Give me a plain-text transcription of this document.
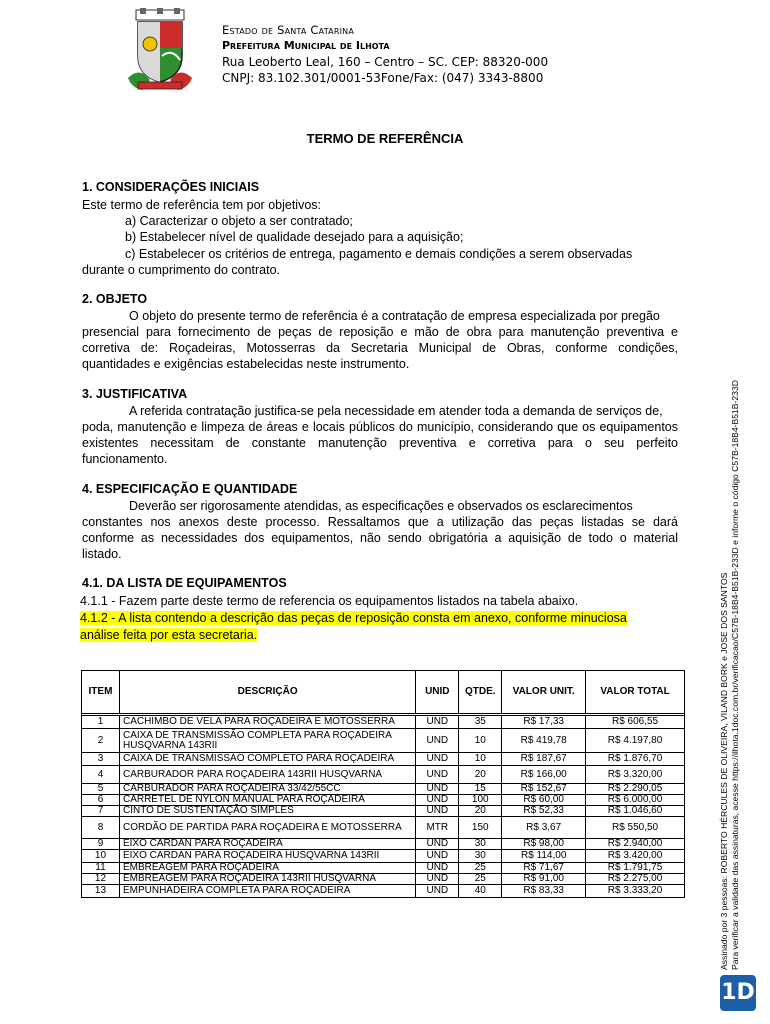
Estado de Santa Catarina
Prefeitura Municipal de Ilhota
Rua Leoberto Leal, 160 – Centro – SC. CEP: 88320-000
CNPJ: 83.102.301/0001-53Fone/Fax: (047) 3343-8800
TERMO DE REFERÊNCIA
1. CONSIDERAÇÕES INICIAIS
Este termo de referência tem por objetivos:
a) Caracterizar o objeto a ser contratado;
b) Estabelecer nível de qualidade desejado para a aquisição;
c) Estabelecer os critérios de entrega, pagamento e demais condições a serem observadas
durante o cumprimento do contrato.
2. OBJETO
O objeto do presente termo de referência é a contratação de empresa especializada por pregão
presencial para fornecimento de peças de reposição e mão de obra para manutenção preventiva e
corretiva de: Roçadeiras, Motosserras da Secretaria Municipal de Obras, conforme condições,
quantidades e exigências estabelecidas neste instrumento.
3. JUSTIFICATIVA
A referida contratação justifica-se pela necessidade em atender toda a demanda de serviços de,
poda, manutenção e limpeza de áreas e locais públicos do município, considerando que os equipamentos
existentes necessitam de constante manutenção preventiva e corretiva para o seu perfeito
funcionamento.
4. ESPECIFICAÇÃO E QUANTIDADE
Deverão ser rigorosamente atendidas, as especificações e observados os esclarecimentos
constantes nos anexos deste processo. Ressaltamos que a utilização das peças listadas se dará
conforme as necessidades dos equipamentos, não sendo obrigatória a aquisição de todo o material
listado.
4.1. DA LISTA DE EQUIPAMENTOS
4.1.1 - Fazem parte deste termo de referencia os equipamentos listados na tabela abaixo.
4.1.2 - A lista contendo a descrição das peças de reposição consta em anexo, conforme minuciosa
análise feita por esta secretaria.
ITEM	DESCRIÇÃO	UNID	QTDE.	VALOR UNIT.	VALOR TOTAL

1	CACHIMBO DE VELA PARA ROÇADEIRA E MOTOSSERRA	UND	35	R$ 17,33	R$ 606,55
2	CAIXA DE TRANSMISSÃO COMPLETA PARA ROÇADEIRA HUSQVARNA 143RII	UND	10	R$ 419,78	R$ 4.197,80
3	CAIXA DE TRANSMISSÃO COMPLETO PARA ROÇADEIRA	UND	10	R$ 187,67	R$ 1.876,70
4	CARBURADOR PARA ROÇADEIRA 143RII HUSQVARNA	UND	20	R$ 166,00	R$ 3.320,00
5	CARBURADOR PARA ROÇADEIRA 33/42/55CC	UND	15	R$ 152,67	R$ 2.290,05
6	CARRETEL DE NYLON MANUAL PARA ROÇADEIRA	UND	100	R$ 60,00	R$ 6.000,00
7	CINTO DE SUSTENTAÇÃO SIMPLES	UND	20	R$ 52,33	R$ 1.046,60
8	CORDÃO DE PARTIDA PARA ROÇADEIRA E MOTOSSERRA	MTR	150	R$ 3,67	R$ 550,50
9	EIXO CARDAN PARA ROÇADEIRA	UND	30	R$ 98,00	R$ 2.940,00
10	EIXO CARDAN PARA ROÇADEIRA HUSQVARNA 143RII	UND	30	R$ 114,00	R$ 3.420,00
11	EMBREAGEM PARA ROÇADEIRA	UND	25	R$ 71,67	R$ 1.791,75
12	EMBREAGEM PARA ROÇADEIRA 143RII HUSQVARNA	UND	25	R$ 91,00	R$ 2.275,00
13	EMPUNHADEIRA COMPLETA PARA ROÇADEIRA	UND	40	R$ 83,33	R$ 3.333,20	Assinado por 3 pessoas: ROBERTO HÉRCULES DE OLIVEIRA, VILAND BORK e JOSE DOS SANTOS Para verificar a validade das assinaturas, acesse https://ilhota.1doc.com.br/verificacao/C57B-18B4-B51B-233D e informe o código C57B-18B4-B51B-233D
1D
